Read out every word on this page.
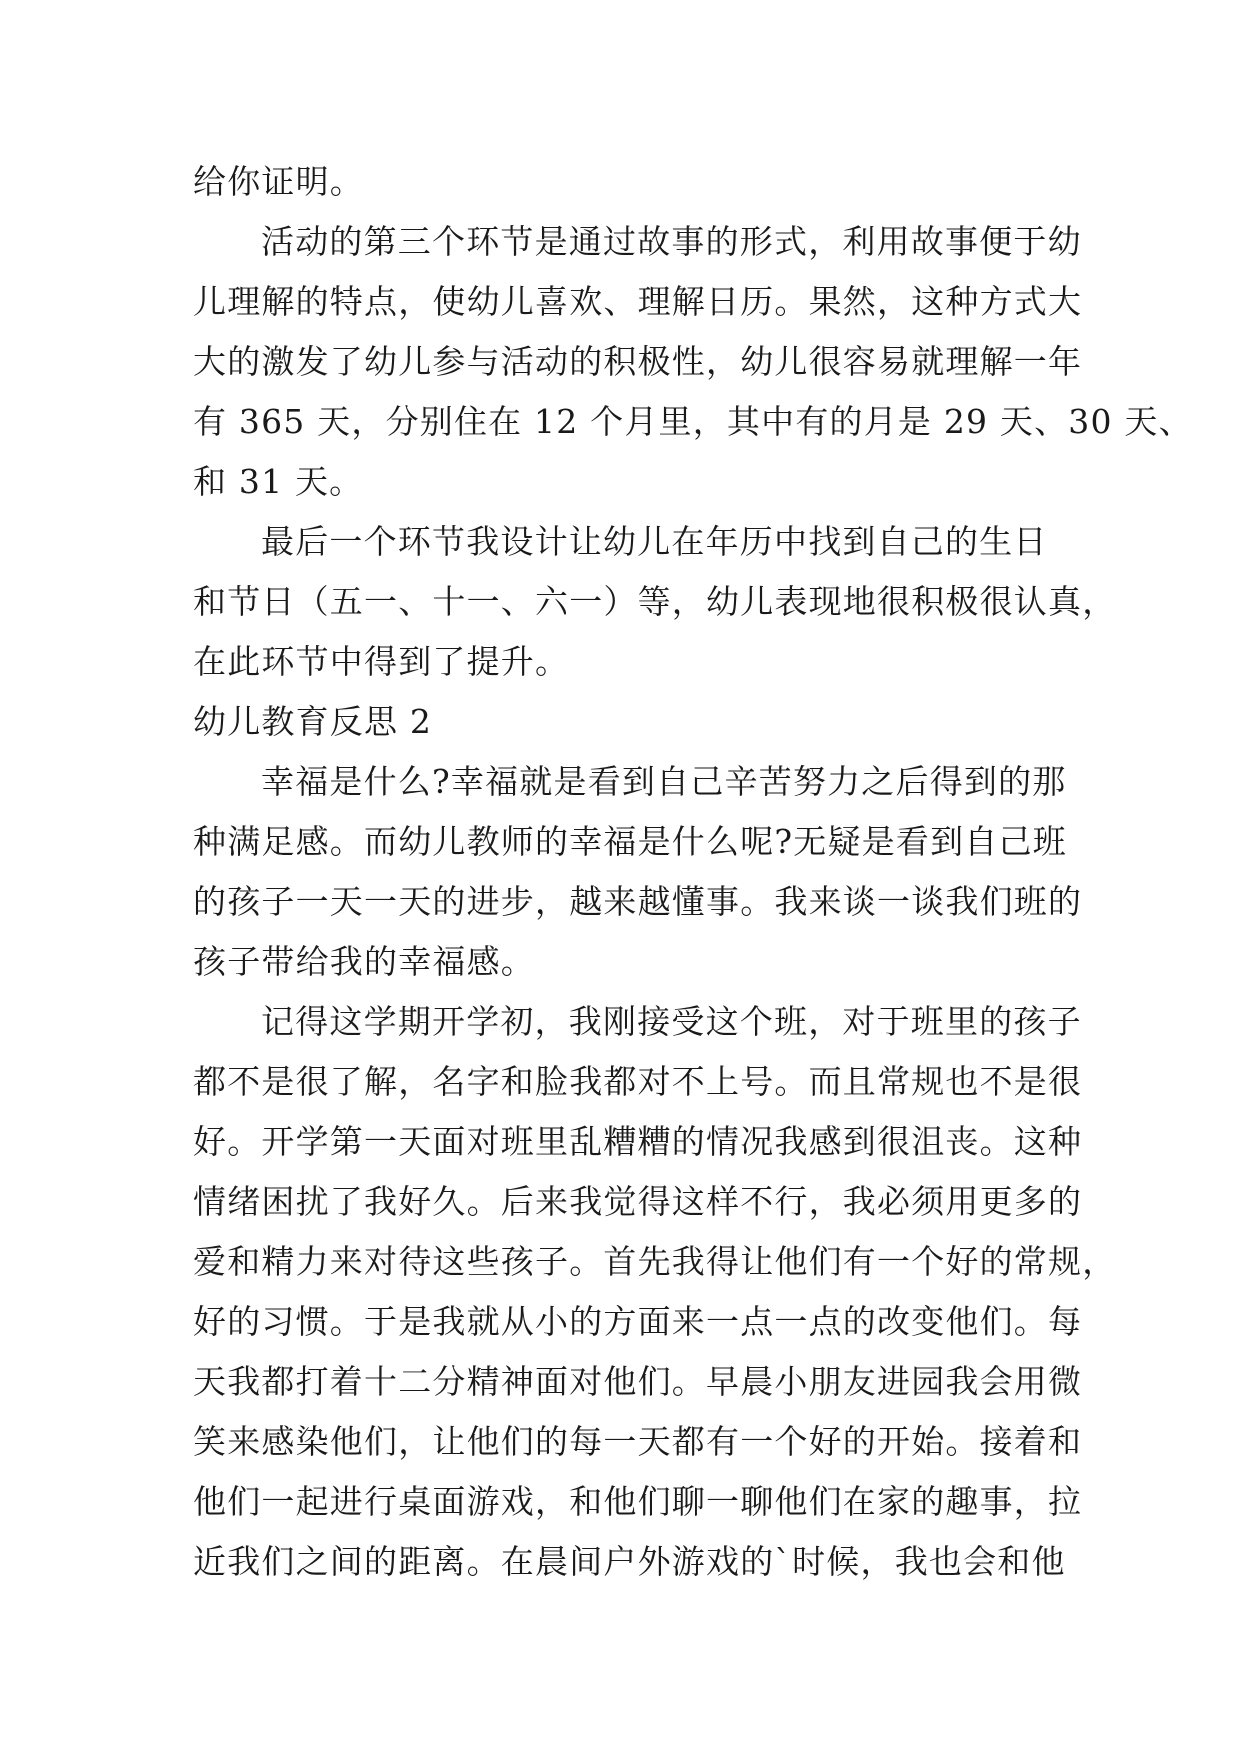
给你证明。
活动的第三个环节是通过故事的形式，利用故事便于幼
儿理解的特点，使幼儿喜欢、理解日历。果然，这种方式大
大的激发了幼儿参与活动的积极性，幼儿很容易就理解一年
有 365 天，分别住在 12 个月里，其中有的月是 29 天、30 天、
和 31 天。
最后一个环节我设计让幼儿在年历中找到自己的生日
和节日（五一、十一、六一）等，幼儿表现地很积极很认真，
在此环节中得到了提升。
幼儿教育反思 2
幸福是什么?幸福就是看到自己辛苦努力之后得到的那
种满足感。而幼儿教师的幸福是什么呢?无疑是看到自己班
的孩子一天一天的进步，越来越懂事。我来谈一谈我们班的
孩子带给我的幸福感。
记得这学期开学初，我刚接受这个班，对于班里的孩子
都不是很了解，名字和脸我都对不上号。而且常规也不是很
好。开学第一天面对班里乱糟糟的情况我感到很沮丧。这种
情绪困扰了我好久。后来我觉得这样不行，我必须用更多的
爱和精力来对待这些孩子。首先我得让他们有一个好的常规，
好的习惯。于是我就从小的方面来一点一点的改变他们。每
天我都打着十二分精神面对他们。早晨小朋友进园我会用微
笑来感染他们，让他们的每一天都有一个好的开始。接着和
他们一起进行桌面游戏，和他们聊一聊他们在家的趣事，拉
近我们之间的距离。在晨间户外游戏的`时候，我也会和他
